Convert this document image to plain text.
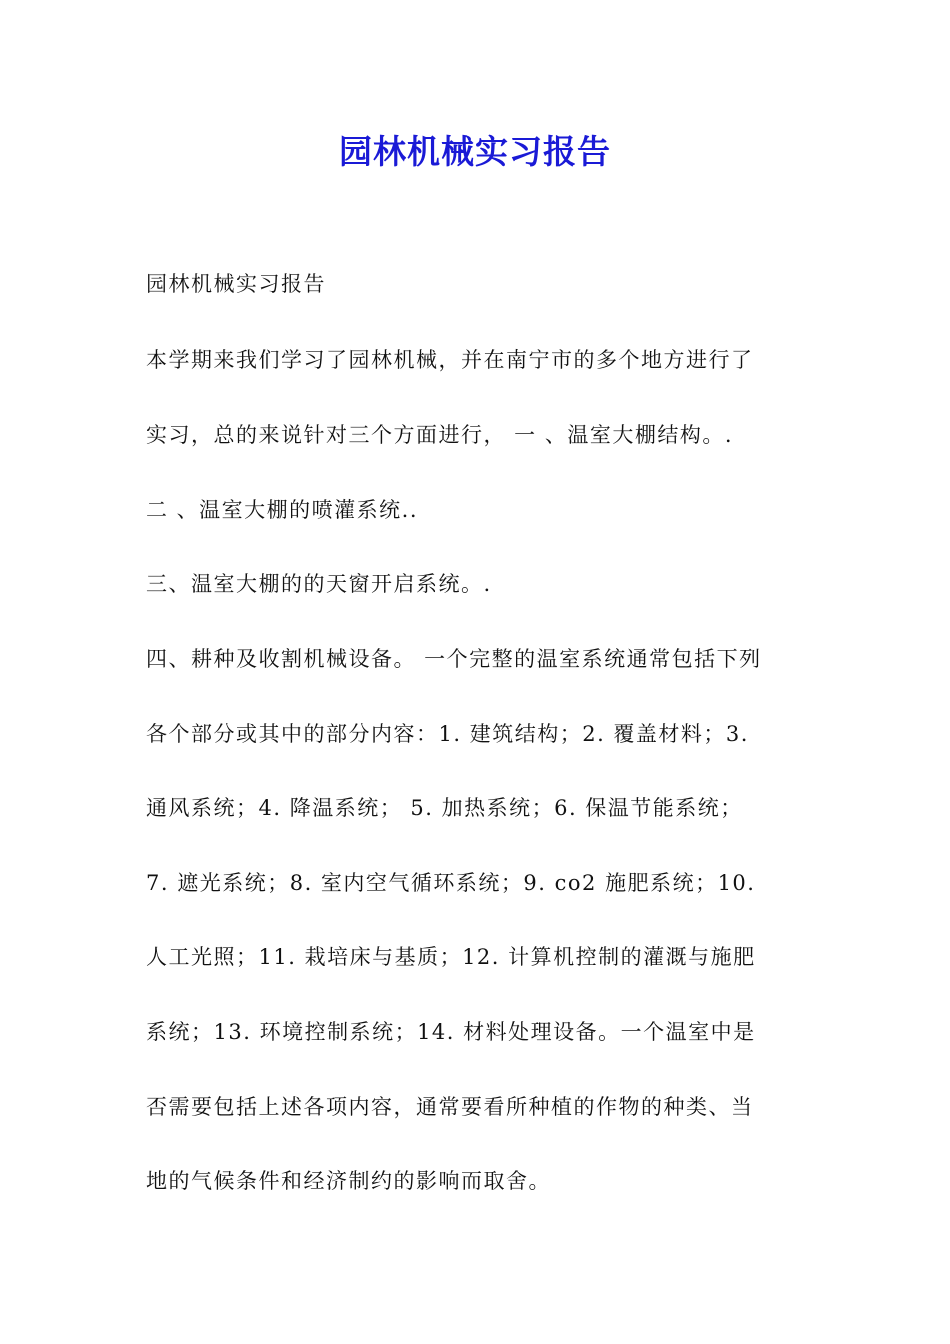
园林机械实习报告
园林机械实习报告
本学期来我们学习了园林机械，并在南宁市的多个地方进行了
实习，总的来说针对三个方面进行， 一 、温室大棚结构。.
二 、温室大棚的喷灌系统..
三、温室大棚的的天窗开启系统。.
四、耕种及收割机械设备。 一个完整的温室系统通常包括下列
各个部分或其中的部分内容：1. 建筑结构；2. 覆盖材料；3.
通风系统；4. 降温系统； 5. 加热系统；6. 保温节能系统；
7. 遮光系统；8. 室内空气循环系统；9. co2 施肥系统；10.
人工光照；11. 栽培床与基质；12. 计算机控制的灌溉与施肥
系统；13. 环境控制系统；14. 材料处理设备。一个温室中是
否需要包括上述各项内容，通常要看所种植的作物的种类、当
地的气候条件和经济制约的影响而取舍。
